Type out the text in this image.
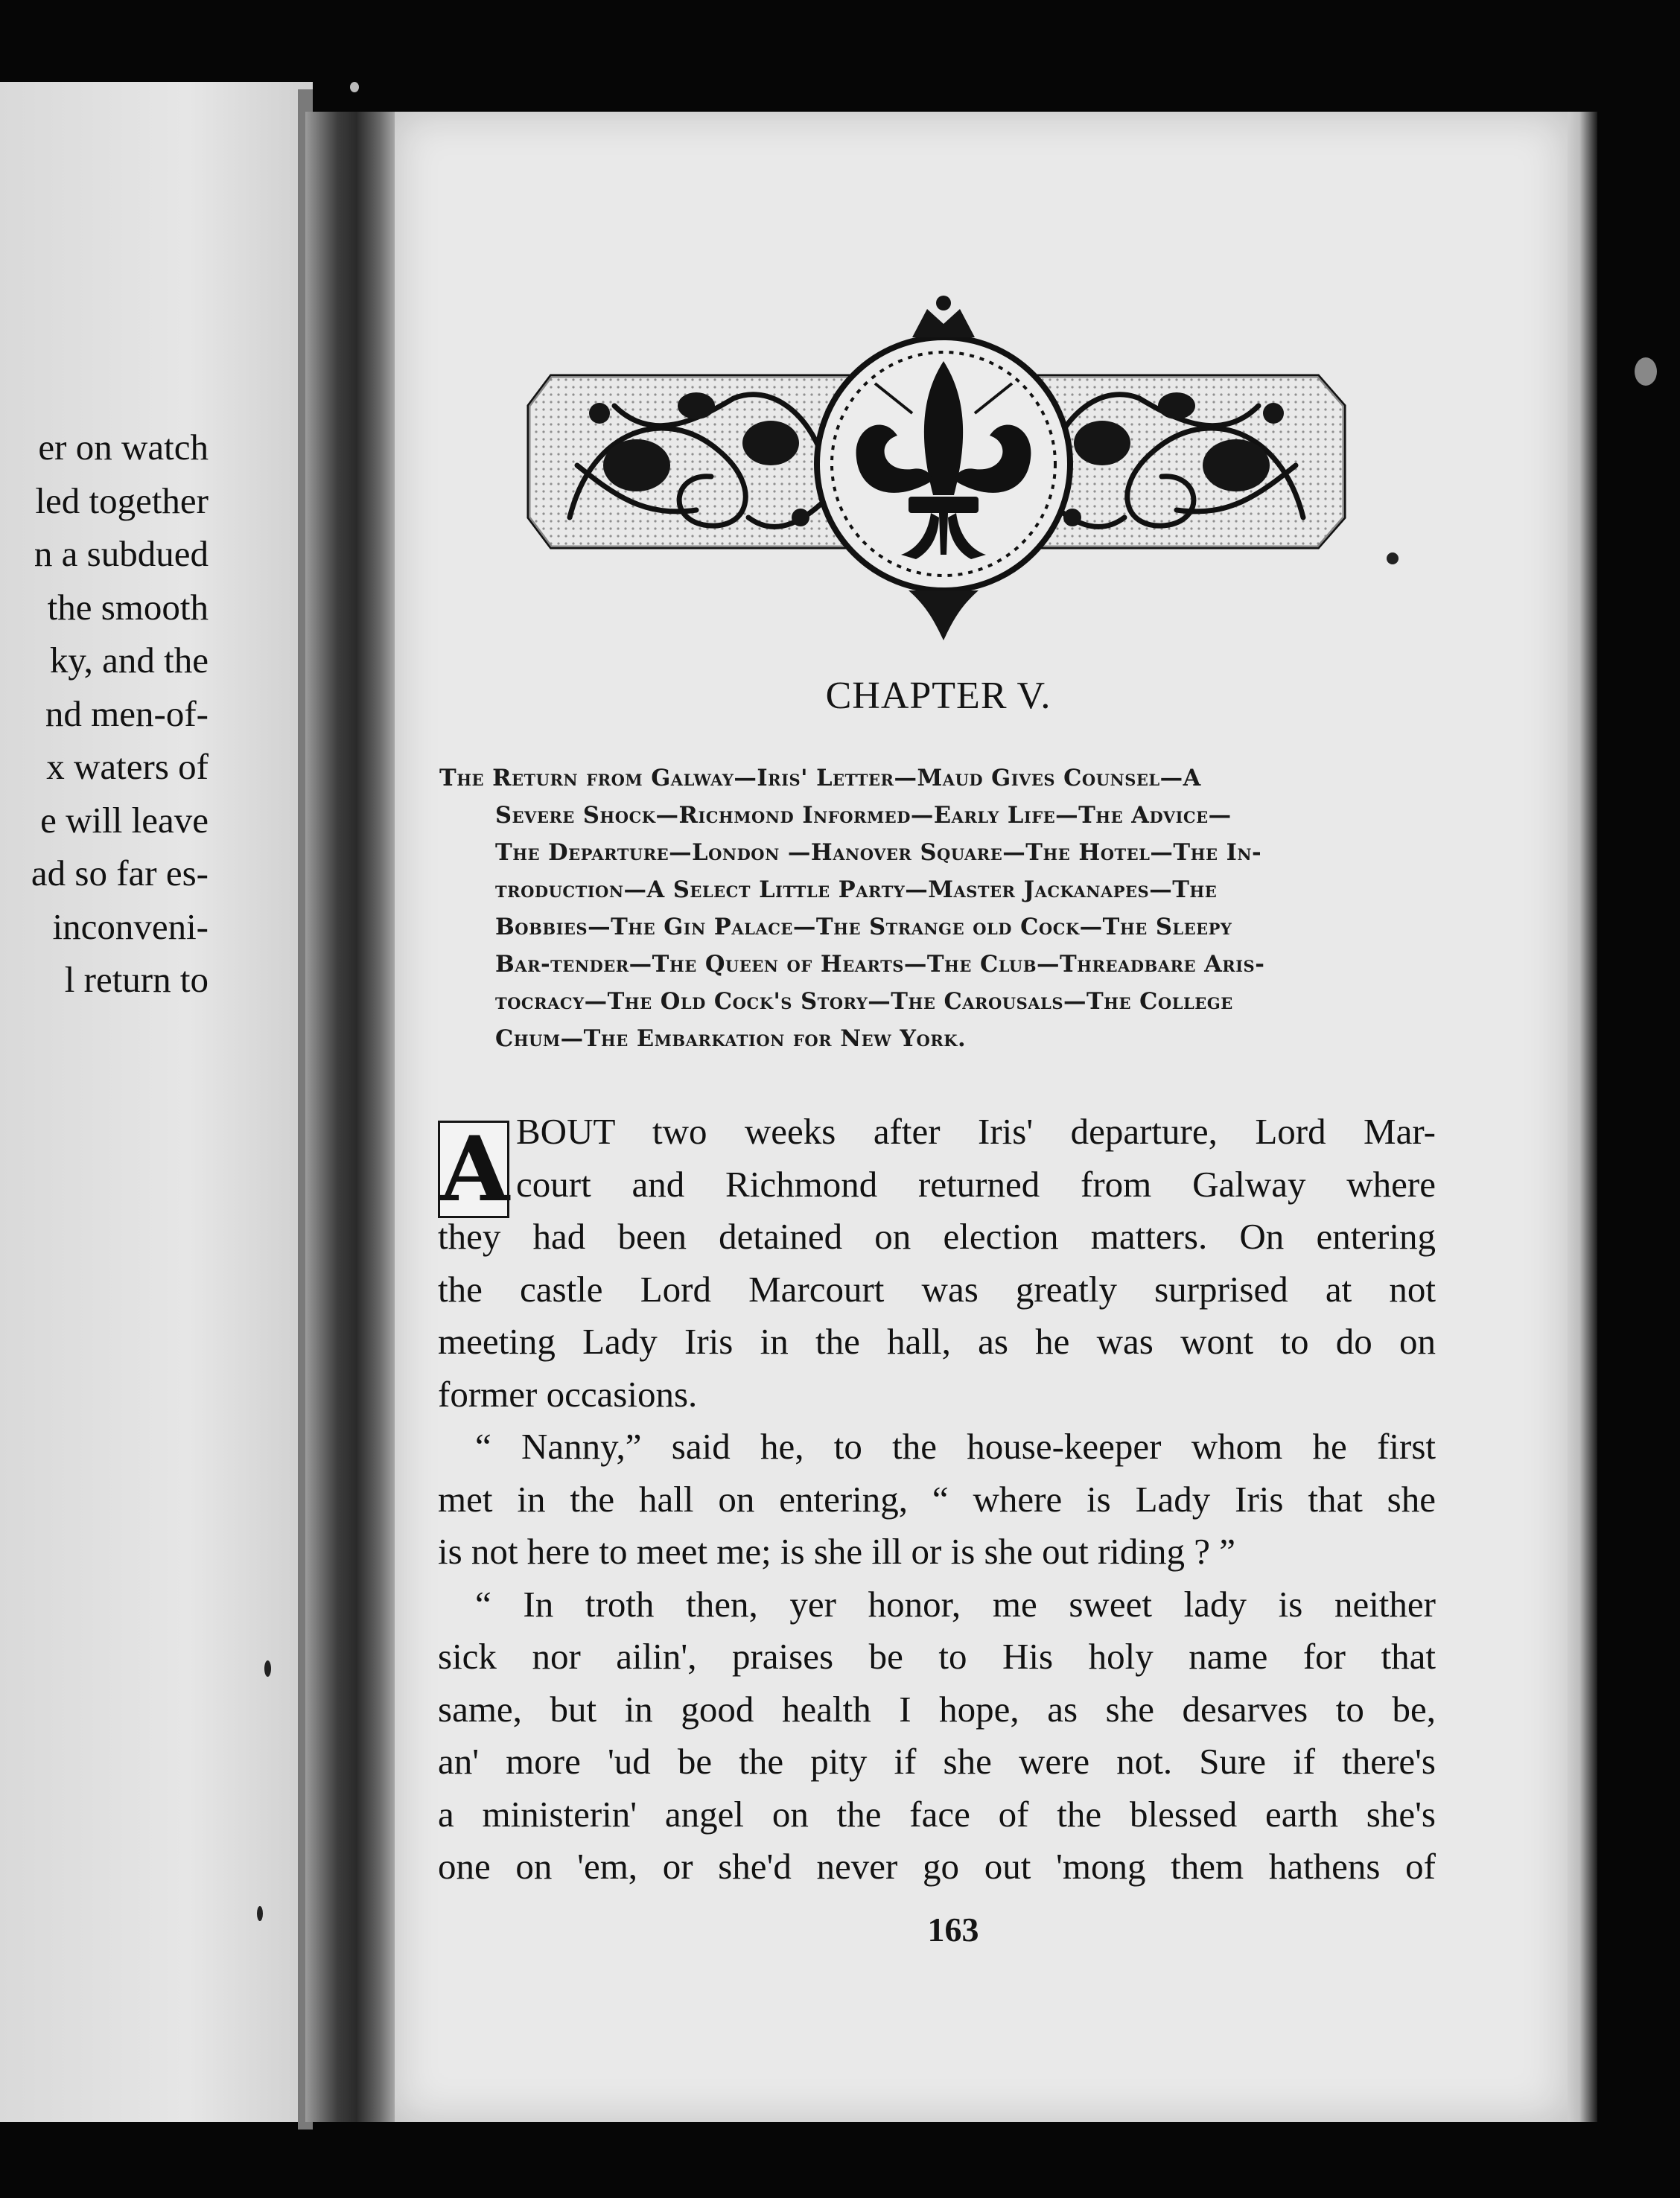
er on watch
led together
n a subdued
the smooth
ky, and the
nd men-of-
x waters of
e will leave
ad so far es-
inconveni-
l return to
CHAPTER V.
The Return from Galway—Iris' Letter—Maud Gives Counsel—A
Severe Shock—Richmond Informed—Early Life—The Advice—
The Departure—London —Hanover Square—The Hotel—The In-
troduction—A Select Little Party—Master Jackanapes—The
Bobbies—The Gin Palace—The Strange old Cock—The Sleepy
Bar-tender—The Queen of Hearts—The Club—Threadbare Aris-
tocracy—The Old Cock's Story—The Carousals—The College
Chum—The Embarkation for New York.
A BOUT two weeks after Iris' departure, Lord Mar-
court and Richmond returned from Galway where
they had been detained on election matters. On entering
the castle Lord Marcourt was greatly surprised at not
meeting Lady Iris in the hall, as he was wont to do on
former occasions.
“ Nanny,” said he, to the house-keeper whom he first
met in the hall on entering, “ where is Lady Iris that she
is not here to meet me; is she ill or is she out riding ? ”
“ In troth then, yer honor, me sweet lady is neither
sick nor ailin', praises be to His holy name for that
same, but in good health I hope, as she desarves to be,
an' more 'ud be the pity if she were not. Sure if there's
a ministerin' angel on the face of the blessed earth she's
one on 'em, or she'd never go out 'mong them hathens of
163
